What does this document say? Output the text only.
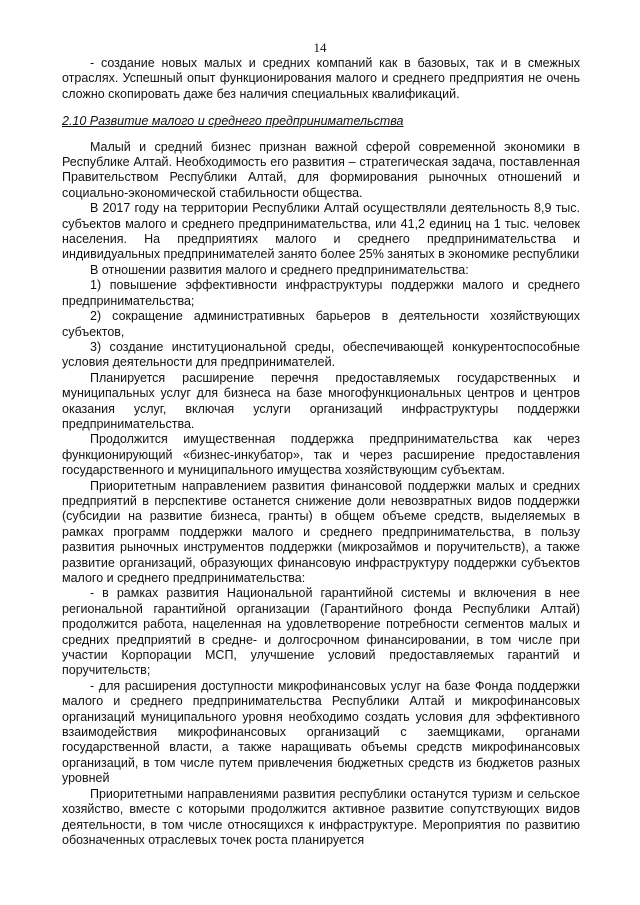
14

- создание новых малых и средних компаний как в базовых, так и в смежных отраслях. Успешный опыт функционирования малого и среднего предприятия не очень сложно скопировать даже без наличия специальных квалификаций.

2.10 Развитие малого и среднего предпринимательства

Малый и средний бизнес признан важной сферой современной экономики в Республике Алтай. Необходимость его развития – стратегическая задача, поставленная Правительством Республики Алтай, для формирования рыночных отношений и социально-экономической стабильности общества.

В 2017 году на территории Республики Алтай осуществляли деятельность 8,9 тыс. субъектов малого и среднего предпринимательства, или 41,2 единиц на 1 тыс. человек населения. На предприятиях малого и среднего предпринимательства и индивидуальных предпринимателей занято более 25% занятых в экономике республики

В отношении развития малого и среднего предпринимательства:

1) повышение эффективности инфраструктуры поддержки малого и среднего предпринимательства;

2) сокращение административных барьеров в деятельности хозяйствующих субъектов,

3) создание институциональной среды, обеспечивающей конкурентоспособные условия деятельности для предпринимателей.

Планируется расширение перечня предоставляемых государственных и муниципальных услуг для бизнеса на базе многофункциональных центров и центров оказания услуг, включая услуги организаций инфраструктуры поддержки предпринимательства.

Продолжится имущественная поддержка предпринимательства как через функционирующий «бизнес-инкубатор», так и через расширение предоставления государственного и муниципального имущества хозяйствующим субъектам.

Приоритетным направлением развития финансовой поддержки малых и средних предприятий в перспективе останется снижение доли невозвратных видов поддержки (субсидии на развитие бизнеса, гранты) в общем объеме средств, выделяемых в рамках программ поддержки малого и среднего предпринимательства, в пользу развития рыночных инструментов поддержки (микрозаймов и поручительств), а также развитие организаций, образующих финансовую инфраструктуру поддержки субъектов малого и среднего предпринимательства:

- в рамках развития Национальной гарантийной системы и включения в нее региональной гарантийной организации (Гарантийного фонда Республики Алтай) продолжится работа, нацеленная на удовлетворение потребности сегментов малых и средних предприятий в средне- и долгосрочном финансировании, в том числе при участии Корпорации МСП, улучшение условий предоставляемых гарантий и поручительств;

- для расширения доступности микрофинансовых услуг на базе Фонда поддержки малого и среднего предпринимательства Республики Алтай и микрофинансовых организаций муниципального уровня необходимо создать условия для эффективного взаимодействия микрофинансовых организаций с заемщиками, органами государственной власти, а также наращивать объемы средств микрофинансовых организаций, в том числе путем привлечения бюджетных средств из бюджетов разных уровней

Приоритетными направлениями развития республики останутся туризм и сельское хозяйство, вместе с которыми продолжится активное развитие сопутствующих видов деятельности, в том числе относящихся к инфраструктуре. Мероприятия по развитию обозначенных отраслевых точек роста планируется
